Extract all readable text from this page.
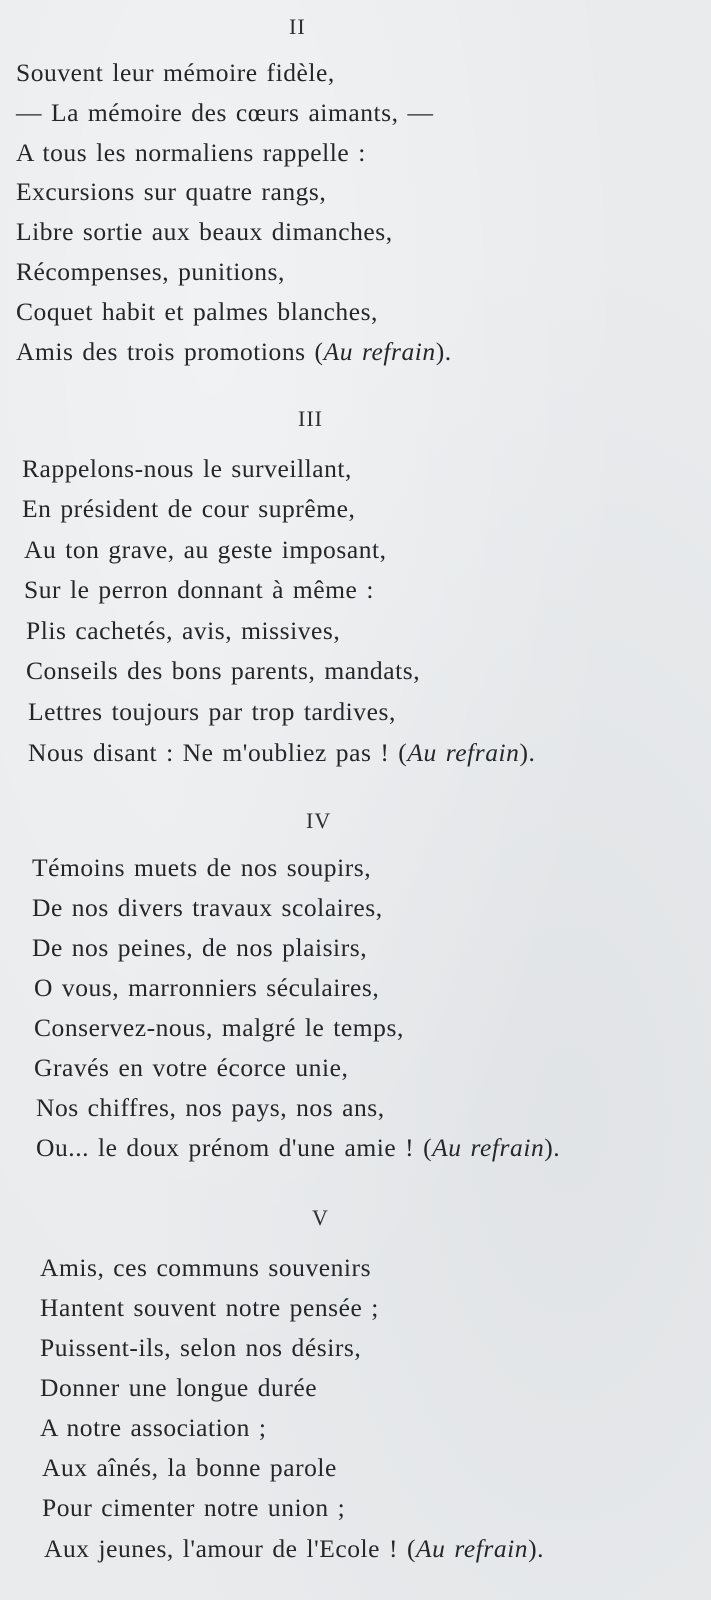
II
Souvent leur mémoire fidèle,
— La mémoire des cœurs aimants, —
A tous les normaliens rappelle :
Excursions sur quatre rangs,
Libre sortie aux beaux dimanches,
Récompenses, punitions,
Coquet habit et palmes blanches,
Amis des trois promotions (Au refrain).
III
Rappelons-nous le surveillant,
En président de cour suprême,
Au ton grave, au geste imposant,
Sur le perron donnant à même :
Plis cachetés, avis, missives,
Conseils des bons parents, mandats,
Lettres toujours par trop tardives,
Nous disant : Ne m'oubliez pas ! (Au refrain).
IV
Témoins muets de nos soupirs,
De nos divers travaux scolaires,
De nos peines, de nos plaisirs,
O vous, marronniers séculaires,
Conservez-nous, malgré le temps,
Gravés en votre écorce unie,
Nos chiffres, nos pays, nos ans,
Ou... le doux prénom d'une amie ! (Au refrain).
V
Amis, ces communs souvenirs
Hantent souvent notre pensée ;
Puissent-ils, selon nos désirs,
Donner une longue durée
A notre association ;
Aux aînés, la bonne parole
Pour cimenter notre union ;
Aux jeunes, l'amour de l'Ecole ! (Au refrain).
